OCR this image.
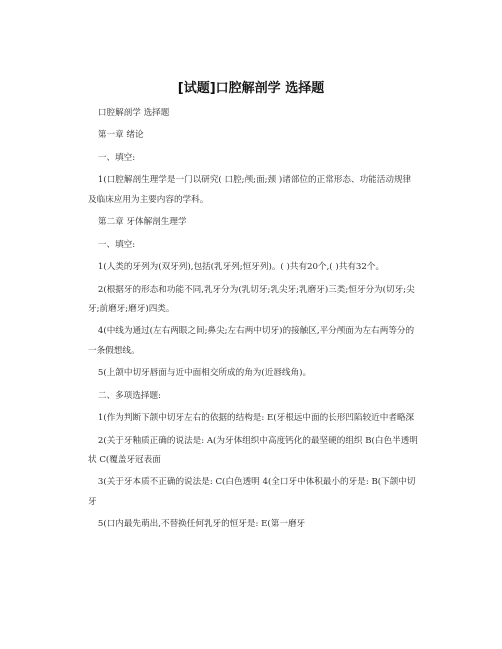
[试题]口腔解剖学 选择题

口腔解剖学 选择题

第一章 绪论

一、填空:

1(口腔解剖生理学是一门以研究( 口腔;颅;面;颈 )诸部位的正常形态、功能活动规律及临床应用为主要内容的学科。

第二章 牙体解剖生理学

一、填空:

1(人类的牙列为(双牙列),包括(乳牙列;恒牙列)。( )共有20个,( )共有32个。

2(根据牙的形态和功能不同,乳牙分为(乳切牙;乳尖牙;乳磨牙)三类;恒牙分为(切牙;尖牙;前磨牙;磨牙)四类。

4(中线为通过(左右两眼之间;鼻尖;左右两中切牙)的接触区,平分颅面为左右两等分的一条假想线。

5(上颌中切牙唇面与近中面相交所成的角为(近唇线角)。

二、多项选择题:

1(作为判断下颌中切牙左右的依据的结构是: E(牙根远中面的长形凹陷较近中者略深

2(关于牙釉质正确的说法是: A(为牙体组织中高度钙化的最坚硬的组织 B(白色半透明状 C(覆盖牙冠表面

3(关于牙本质不正确的说法是: C(白色透明 4(全口牙中体积最小的牙是: B(下颌中切牙

5(口内最先萌出,不替换任何乳牙的恒牙是: E(第一磨牙
